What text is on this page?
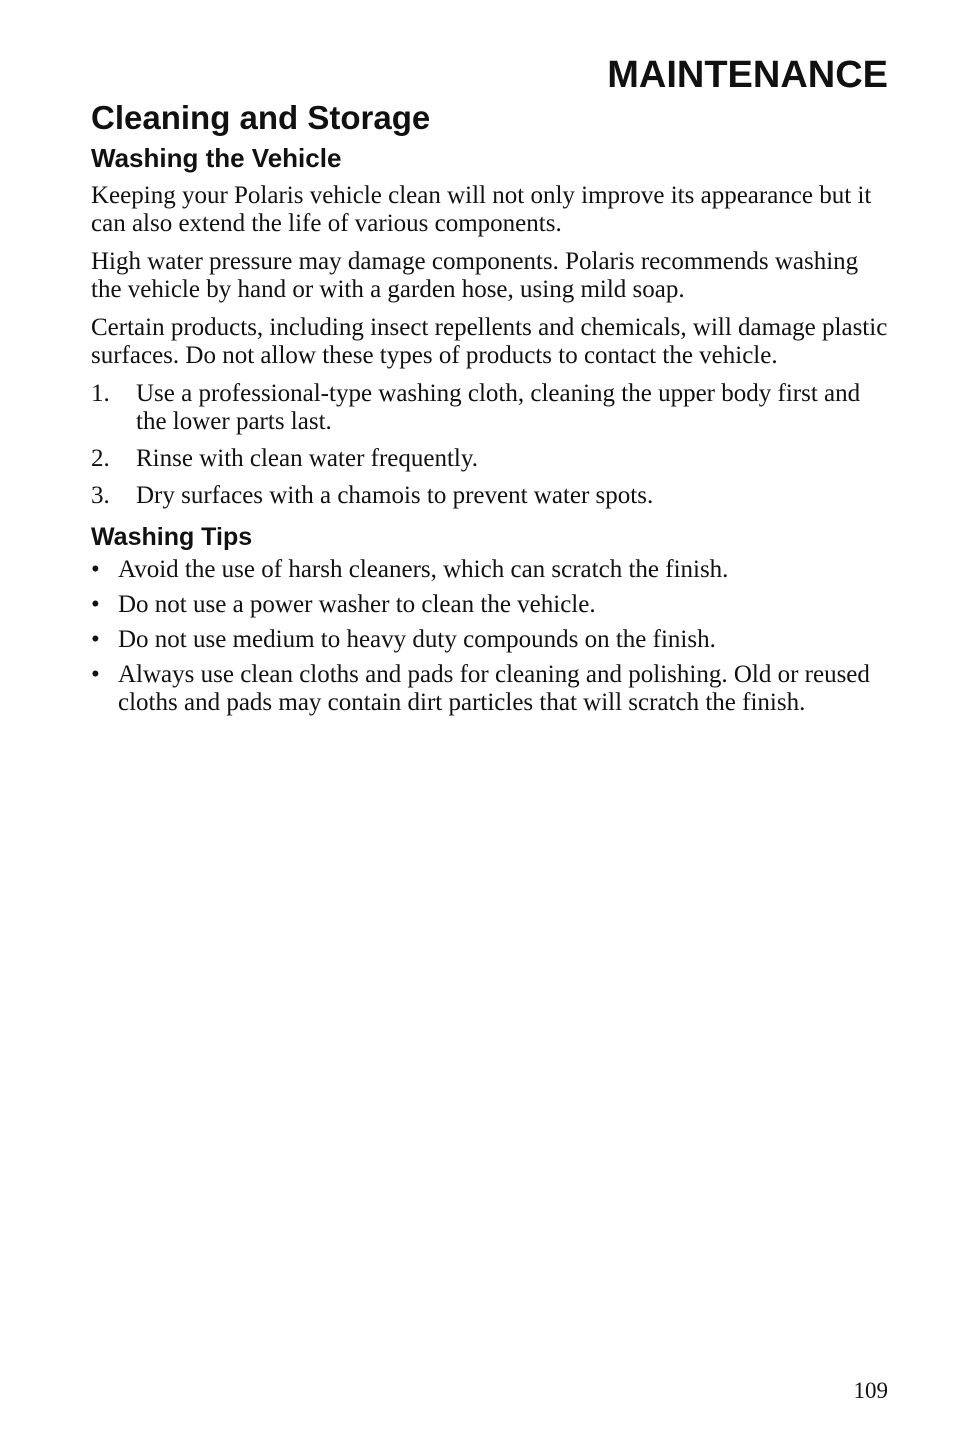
MAINTENANCE
Cleaning and Storage
Washing the Vehicle

Keeping your Polaris vehicle clean will not only improve its appearance but it can also extend the life of various components.

High water pressure may damage components. Polaris recommends washing the vehicle by hand or with a garden hose, using mild soap.

Certain products, including insect repellents and chemicals, will damage plastic surfaces. Do not allow these types of products to contact the vehicle.

1.	Use a professional-type washing cloth, cleaning the upper body first and the lower parts last.
2.	Rinse with clean water frequently.
3.	Dry surfaces with a chamois to prevent water spots.
Washing Tips
• Avoid the use of harsh cleaners, which can scratch the finish.
• Do not use a power washer to clean the vehicle.
• Do not use medium to heavy duty compounds on the finish.
• Always use clean cloths and pads for cleaning and polishing. Old or reused cloths and pads may contain dirt particles that will scratch the finish.
109
